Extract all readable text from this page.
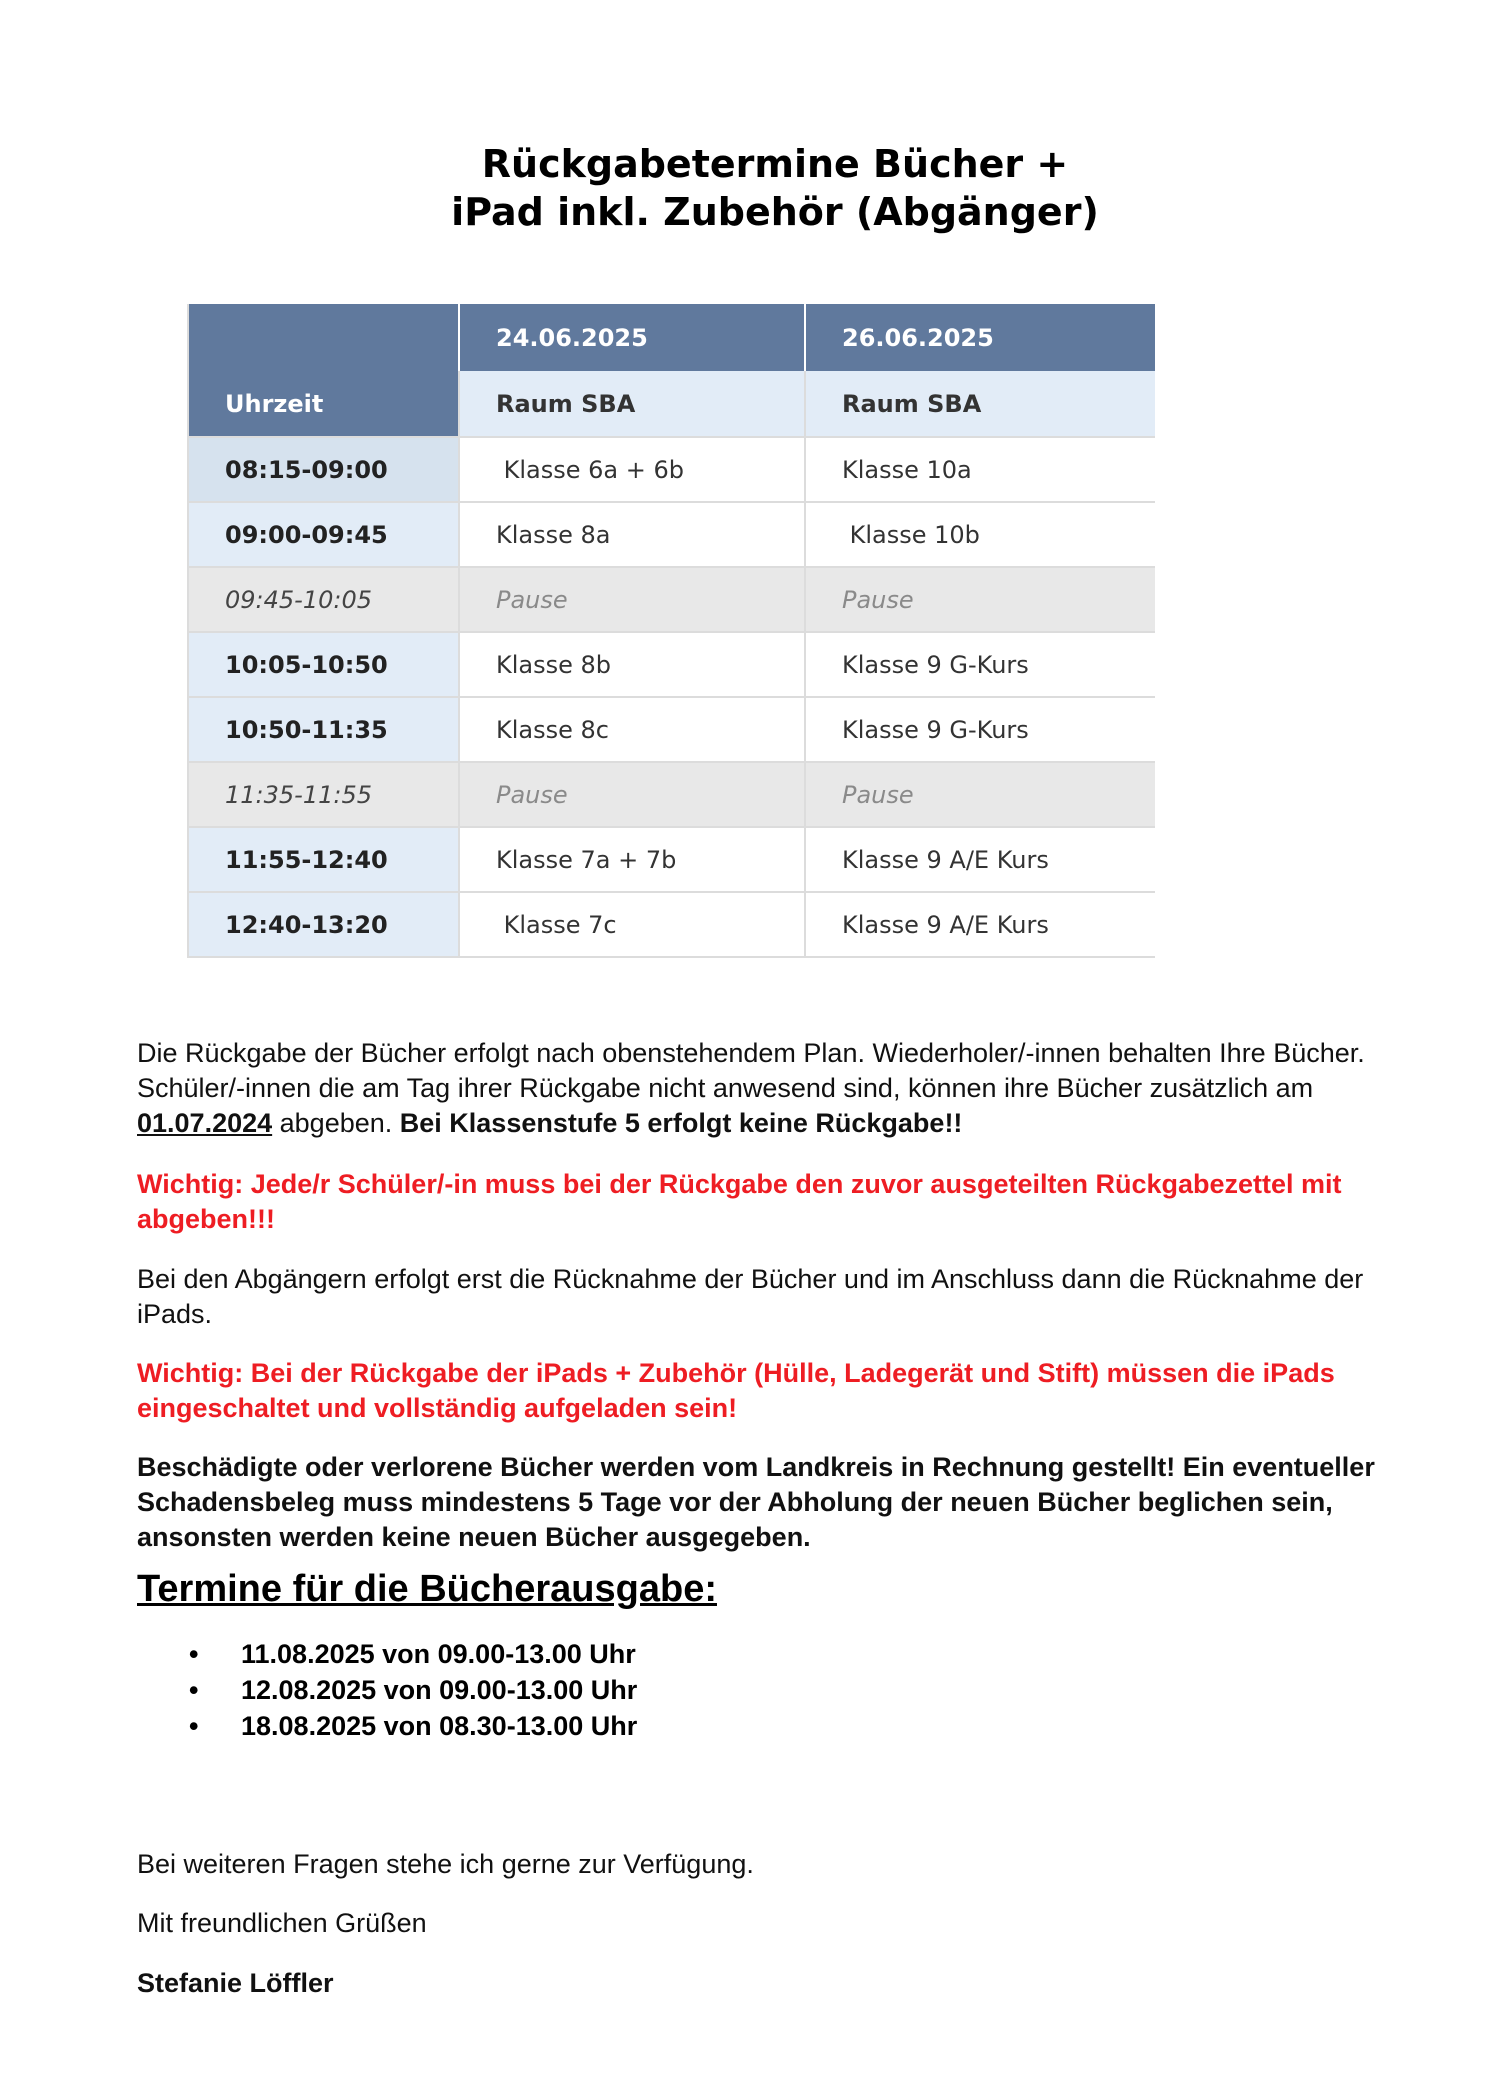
Rückgabetermine Bücher +
iPad inkl. Zubehör (Abgänger)
	24.06.2025	26.06.2025
Uhrzeit	Raum SBA	Raum SBA
08:15-09:00	Klasse 6a + 6b	Klasse 10a
09:00-09:45	Klasse 8a	Klasse 10b
09:45-10:05	Pause	Pause
10:05-10:50	Klasse 8b	Klasse 9 G-Kurs
10:50-11:35	Klasse 8c	Klasse 9 G-Kurs
11:35-11:55	Pause	Pause
11:55-12:40	Klasse 7a + 7b	Klasse 9 A/E Kurs
12:40-13:20	Klasse 7c	Klasse 9 A/E Kurs
Die Rückgabe der Bücher erfolgt nach obenstehendem Plan. Wiederholer/-innen behalten Ihre Bücher. Schüler/-innen die am Tag ihrer Rückgabe nicht anwesend sind, können ihre Bücher zusätzlich am 01.07.2024 abgeben. Bei Klassenstufe 5 erfolgt keine Rückgabe!!
Wichtig: Jede/r Schüler/-in muss bei der Rückgabe den zuvor ausgeteilten Rückgabezettel mit abgeben!!!
Bei den Abgängern erfolgt erst die Rücknahme der Bücher und im Anschluss dann die Rücknahme der iPads.
Wichtig: Bei der Rückgabe der iPads + Zubehör (Hülle, Ladegerät und Stift) müssen die iPads eingeschaltet und vollständig aufgeladen sein!
Beschädigte oder verlorene Bücher werden vom Landkreis in Rechnung gestellt! Ein eventueller Schadensbeleg muss mindestens 5 Tage vor der Abholung der neuen Bücher beglichen sein, ansonsten werden keine neuen Bücher ausgegeben.
Termine für die Bücherausgabe:
• 11.08.2025 von 09.00-13.00 Uhr
• 12.08.2025 von 09.00-13.00 Uhr
• 18.08.2025 von 08.30-13.00 Uhr
Bei weiteren Fragen stehe ich gerne zur Verfügung.
Mit freundlichen Grüßen
Stefanie Löffler
